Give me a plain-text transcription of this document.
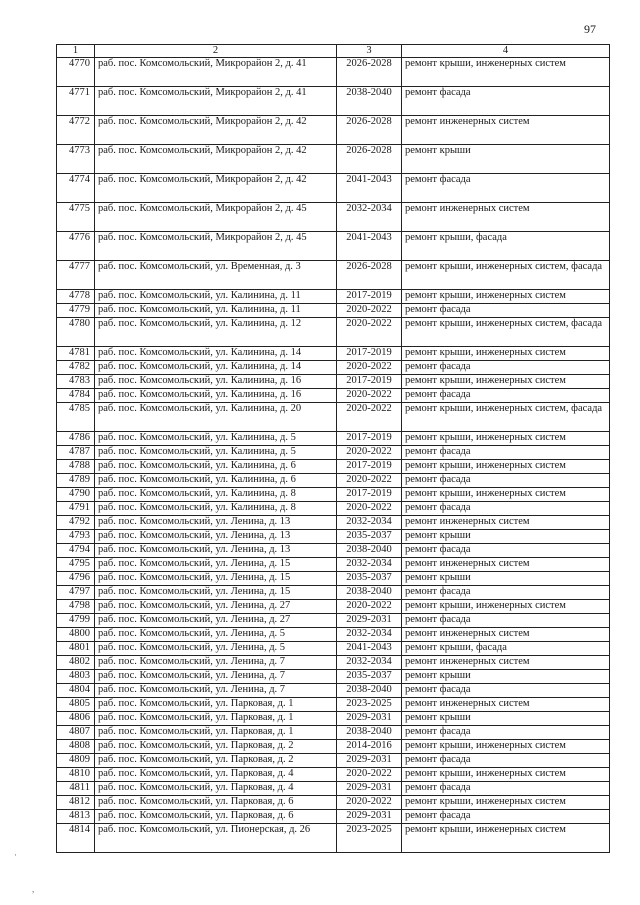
97
1	2	3	4
4770	раб. пос. Комсомольский, Микрорайон 2, д. 41	2026-2028	ремонт крыши, инженерных систем
4771	раб. пос. Комсомольский, Микрорайон 2, д. 41	2038-2040	ремонт фасада
4772	раб. пос. Комсомольский, Микрорайон 2, д. 42	2026-2028	ремонт инженерных систем
4773	раб. пос. Комсомольский, Микрорайон 2, д. 42	2026-2028	ремонт крыши
4774	раб. пос. Комсомольский, Микрорайон 2, д. 42	2041-2043	ремонт фасада
4775	раб. пос. Комсомольский, Микрорайон 2, д. 45	2032-2034	ремонт инженерных систем
4776	раб. пос. Комсомольский, Микрорайон 2, д. 45	2041-2043	ремонт крыши, фасада
4777	раб. пос. Комсомольский, ул. Временная, д. 3	2026-2028	ремонт крыши, инженерных систем, фасада
4778	раб. пос. Комсомольский, ул. Калинина, д. 11	2017-2019	ремонт крыши, инженерных систем
4779	раб. пос. Комсомольский, ул. Калинина, д. 11	2020-2022	ремонт фасада
4780	раб. пос. Комсомольский, ул. Калинина, д. 12	2020-2022	ремонт крыши, инженерных систем, фасада
4781	раб. пос. Комсомольский, ул. Калинина, д. 14	2017-2019	ремонт крыши, инженерных систем
4782	раб. пос. Комсомольский, ул. Калинина, д. 14	2020-2022	ремонт фасада
4783	раб. пос. Комсомольский, ул. Калинина, д. 16	2017-2019	ремонт крыши, инженерных систем
4784	раб. пос. Комсомольский, ул. Калинина, д. 16	2020-2022	ремонт фасада
4785	раб. пос. Комсомольский, ул. Калинина, д. 20	2020-2022	ремонт крыши, инженерных систем, фасада
4786	раб. пос. Комсомольский, ул. Калинина, д. 5	2017-2019	ремонт крыши, инженерных систем
4787	раб. пос. Комсомольский, ул. Калинина, д. 5	2020-2022	ремонт фасада
4788	раб. пос. Комсомольский, ул. Калинина, д. 6	2017-2019	ремонт крыши, инженерных систем
4789	раб. пос. Комсомольский, ул. Калинина, д. 6	2020-2022	ремонт фасада
4790	раб. пос. Комсомольский, ул. Калинина, д. 8	2017-2019	ремонт крыши, инженерных систем
4791	раб. пос. Комсомольский, ул. Калинина, д. 8	2020-2022	ремонт фасада
4792	раб. пос. Комсомольский, ул. Ленина, д. 13	2032-2034	ремонт инженерных систем
4793	раб. пос. Комсомольский, ул. Ленина, д. 13	2035-2037	ремонт крыши
4794	раб. пос. Комсомольский, ул. Ленина, д. 13	2038-2040	ремонт фасада
4795	раб. пос. Комсомольский, ул. Ленина, д. 15	2032-2034	ремонт инженерных систем
4796	раб. пос. Комсомольский, ул. Ленина, д. 15	2035-2037	ремонт крыши
4797	раб. пос. Комсомольский, ул. Ленина, д. 15	2038-2040	ремонт фасада
4798	раб. пос. Комсомольский, ул. Ленина, д. 27	2020-2022	ремонт крыши, инженерных систем
4799	раб. пос. Комсомольский, ул. Ленина, д. 27	2029-2031	ремонт фасада
4800	раб. пос. Комсомольский, ул. Ленина, д. 5	2032-2034	ремонт инженерных систем
4801	раб. пос. Комсомольский, ул. Ленина, д. 5	2041-2043	ремонт крыши, фасада
4802	раб. пос. Комсомольский, ул. Ленина, д. 7	2032-2034	ремонт инженерных систем
4803	раб. пос. Комсомольский, ул. Ленина, д. 7	2035-2037	ремонт крыши
4804	раб. пос. Комсомольский, ул. Ленина, д. 7	2038-2040	ремонт фасада
4805	раб. пос. Комсомольский, ул. Парковая, д. 1	2023-2025	ремонт инженерных систем
4806	раб. пос. Комсомольский, ул. Парковая, д. 1	2029-2031	ремонт крыши
4807	раб. пос. Комсомольский, ул. Парковая, д. 1	2038-2040	ремонт фасада
4808	раб. пос. Комсомольский, ул. Парковая, д. 2	2014-2016	ремонт крыши, инженерных систем
4809	раб. пос. Комсомольский, ул. Парковая, д. 2	2029-2031	ремонт фасада
4810	раб. пос. Комсомольский, ул. Парковая, д. 4	2020-2022	ремонт крыши, инженерных систем
4811	раб. пос. Комсомольский, ул. Парковая, д. 4	2029-2031	ремонт фасада
4812	раб. пос. Комсомольский, ул. Парковая, д. 6	2020-2022	ремонт крыши, инженерных систем
4813	раб. пос. Комсомольский, ул. Парковая, д. 6	2029-2031	ремонт фасада
4814	раб. пос. Комсомольский, ул. Пионерская, д. 26	2023-2025	ремонт крыши, инженерных систем
·
,
